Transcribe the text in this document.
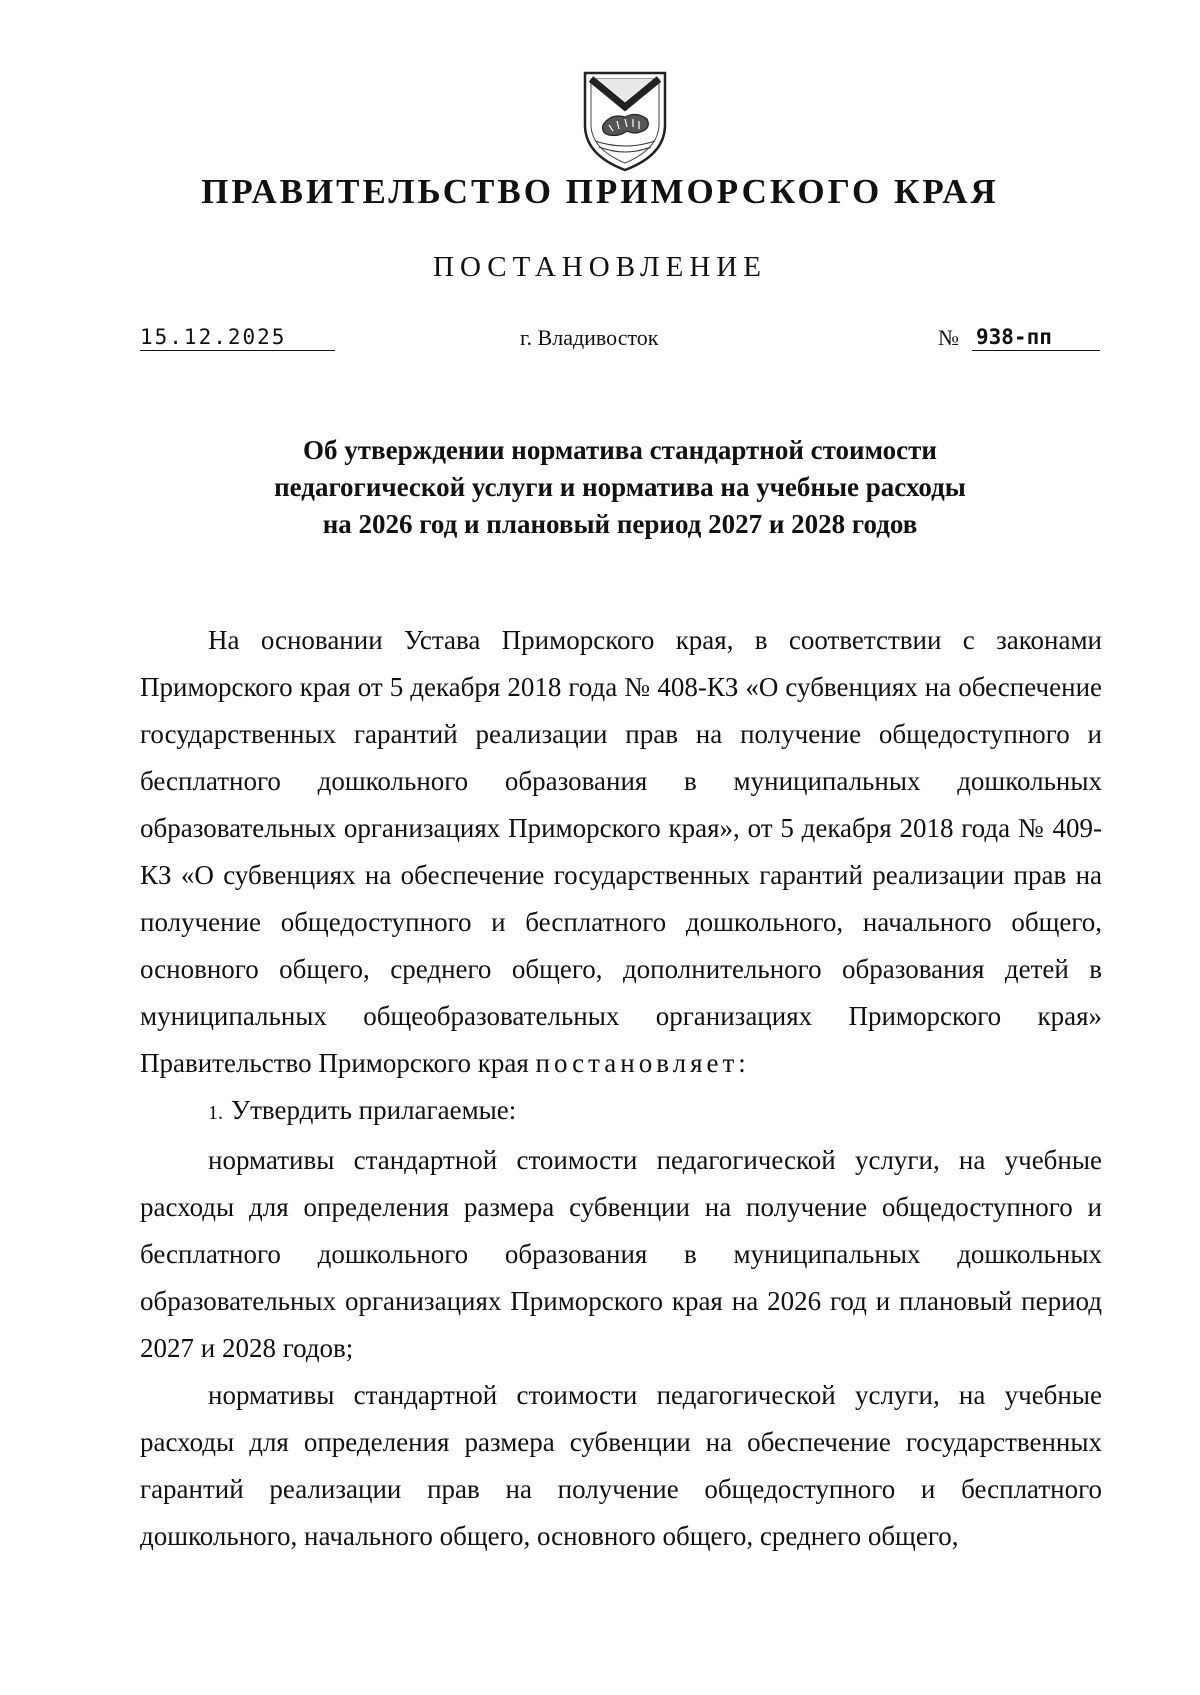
ПРАВИТЕЛЬСТВО ПРИМОРСКОГО КРАЯ
ПОСТАНОВЛЕНИЕ
15.12.2025	г. Владивосток	№ 938-пп
Об утверждении норматива стандартной стоимости
педагогической услуги и норматива на учебные расходы
на 2026 год и плановый период 2027 и 2028 годов

На основании Устава Приморского края, в соответствии с законами Приморского края от 5 декабря 2018 года № 408-КЗ «О субвенциях на обеспечение государственных гарантий реализации прав на получение общедоступного и бесплатного дошкольного образования в муниципальных дошкольных образовательных организациях Приморского края», от 5 декабря 2018 года № 409-КЗ «О субвенциях на обеспечение государственных гарантий реализации прав на получение общедоступного и бесплатного дошкольного, начального общего, основного общего, среднего общего, дополнительного образования детей в муниципальных общеобразовательных организациях Приморского края» Правительство Приморского края постановляет:

1. Утвердить прилагаемые:

нормативы стандартной стоимости педагогической услуги, на учебные расходы для определения размера субвенции на получение общедоступного и бесплатного дошкольного образования в муниципальных дошкольных образовательных организациях Приморского края на 2026 год и плановый период 2027 и 2028 годов;

нормативы стандартной стоимости педагогической услуги, на учебные расходы для определения размера субвенции на обеспечение государственных гарантий реализации прав на получение общедоступного и бесплатного дошкольного, начального общего, основного общего, среднего общего,
